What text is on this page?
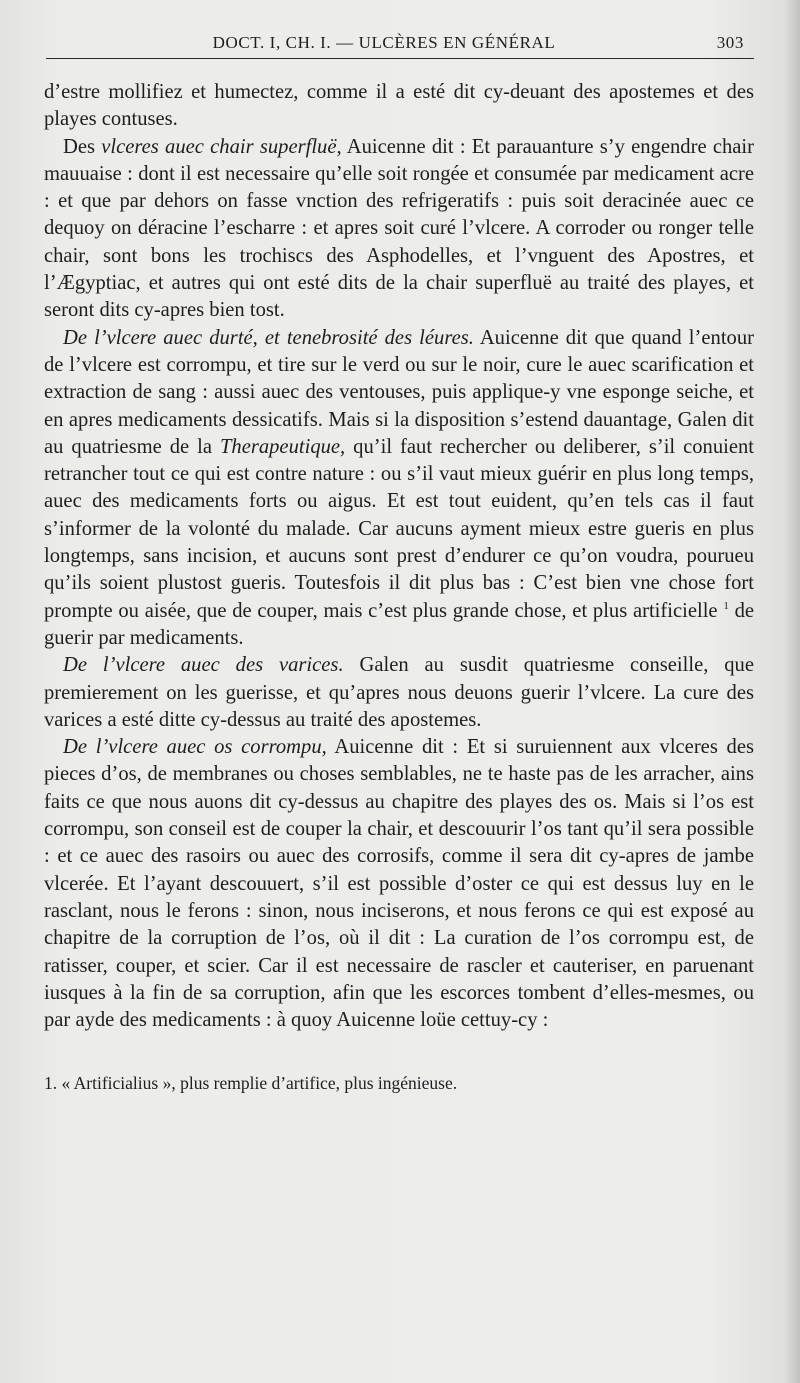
DOCT. I, CH. I. — ULCÈRES EN GÉNÉRAL	303

d’estre mollifiez et humectez, comme il a esté dit cy-deuant des apostemes et des playes contuses.

Des vlceres auec chair superfluë, Auicenne dit : Et parauanture s’y engendre chair mauuaise : dont il est necessaire qu’elle soit rongée et consumée par medicament acre : et que par dehors on fasse vnction des refrigeratifs : puis soit deracinée auec ce dequoy on déracine l’escharre : et apres soit curé l’vlcere. A corroder ou ronger telle chair, sont bons les trochiscs des Asphodelles, et l’vnguent des Apostres, et l’Ægyptiac, et autres qui ont esté dits de la chair superfluë au traité des playes, et seront dits cy-apres bien tost.

De l’vlcere auec durté, et tenebrosité des léures. Auicenne dit que quand l’entour de l’vlcere est corrompu, et tire sur le verd ou sur le noir, cure le auec scarification et extraction de sang : aussi auec des ventouses, puis applique-y vne esponge seiche, et en apres medicaments dessicatifs. Mais si la disposition s’estend dauantage, Galen dit au quatriesme de la Therapeutique, qu’il faut rechercher ou deliberer, s’il conuient retrancher tout ce qui est contre nature : ou s’il vaut mieux guérir en plus long temps, auec des medicaments forts ou aigus. Et est tout euident, qu’en tels cas il faut s’informer de la volonté du malade. Car aucuns ayment mieux estre gueris en plus longtemps, sans incision, et aucuns sont prest d’endurer ce qu’on voudra, pourueu qu’ils soient plustost gueris. Toutesfois il dit plus bas : C’est bien vne chose fort prompte ou aisée, que de couper, mais c’est plus grande chose, et plus artificielle $^1$ de guerir par medicaments.

De l’vlcere auec des varices. Galen au susdit quatriesme conseille, que premierement on les guerisse, et qu’apres nous deuons guerir l’vlcere. La cure des varices a esté ditte cy-dessus au traité des apostemes.

De l’vlcere auec os corrompu, Auicenne dit : Et si suruiennent aux vlceres des pieces d’os, de membranes ou choses semblables, ne te haste pas de les arracher, ains faits ce que nous auons dit cy-dessus au chapitre des playes des os. Mais si l’os est corrompu, son conseil est de couper la chair, et descouurir l’os tant qu’il sera possible : et ce auec des rasoirs ou auec des corrosifs, comme il sera dit cy-apres de jambe vlcerée. Et l’ayant descouuert, s’il est possible d’oster ce qui est dessus luy en le rasclant, nous le ferons : sinon, nous inciserons, et nous ferons ce qui est exposé au chapitre de la corruption de l’os, où il dit : La curation de l’os corrompu est, de ratisser, couper, et scier. Car il est necessaire de rascler et cauteriser, en paruenant iusques à la fin de sa corruption, afin que les escorces tombent d’elles-mesmes, ou par ayde des medicaments : à quoy Auicenne loüe cettuy-cy :

1. « Artificialius », plus remplie d’artifice, plus ingénieuse.
